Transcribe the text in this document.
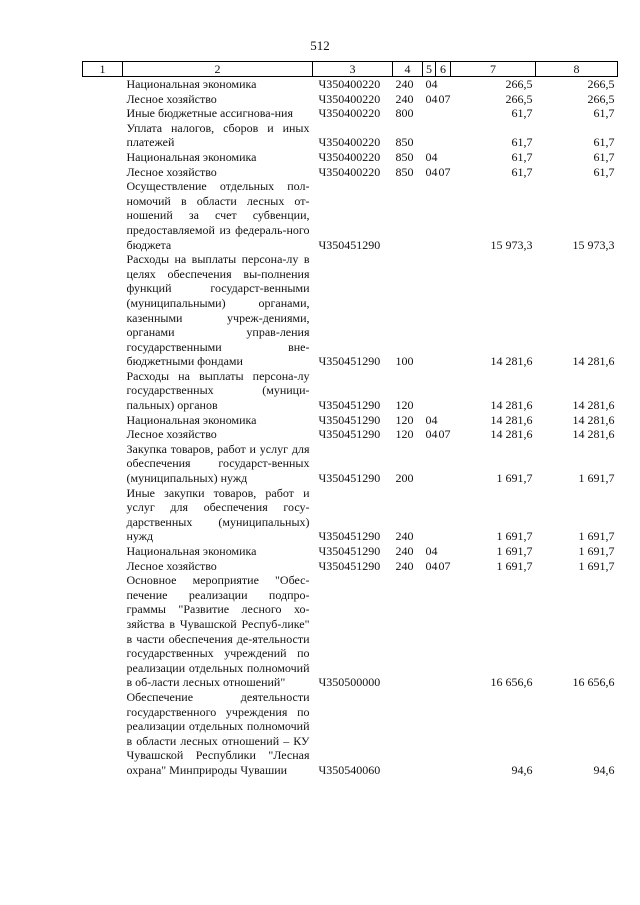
512
1	2	3	4	5	6	7	8
	Национальная экономика	Ч350400220	240	04		266,5	266,5
	Лесное хозяйство	Ч350400220	240	04	07	266,5	266,5
	Иные бюджетные ассигнова-ния	Ч350400220	800			61,7	61,7
	Уплата налогов, сборов и иных платежей	Ч350400220	850			61,7	61,7
	Национальная экономика	Ч350400220	850	04		61,7	61,7
	Лесное хозяйство	Ч350400220	850	04	07	61,7	61,7
	Осуществление отдельных пол-номочий в области лесных от-ношений за счет субвенции, предоставляемой из федераль-ного бюджета	Ч350451290				15 973,3	15 973,3
	Расходы на выплаты персона-лу в целях обеспечения вы-полнения функций государст-венными (муниципальными) органами, казенными учреж-дениями, органами управ-ления государственными вне-бюджетными фондами	Ч350451290	100			14 281,6	14 281,6
	Расходы на выплаты персона-лу государственных (муници-пальных) органов	Ч350451290	120			14 281,6	14 281,6
	Национальная экономика	Ч350451290	120	04		14 281,6	14 281,6
	Лесное хозяйство	Ч350451290	120	04	07	14 281,6	14 281,6
	Закупка товаров, работ и услуг для обеспечения государст-венных (муниципальных) нужд	Ч350451290	200			1 691,7	1 691,7
	Иные закупки товаров, работ и услуг для обеспечения госу-дарственных (муниципальных) нужд	Ч350451290	240			1 691,7	1 691,7
	Национальная экономика	Ч350451290	240	04		1 691,7	1 691,7
	Лесное хозяйство	Ч350451290	240	04	07	1 691,7	1 691,7
	Основное мероприятие "Обес-печение реализации подпро-граммы "Развитие лесного хо-зяйства в Чувашской Респуб-лике" в части обеспечения де-ятельности государственных учреждений по реализации отдельных полномочий в об-ласти лесных отношений"	Ч350500000				16 656,6	16 656,6
	Обеспечение деятельности государственного учреждения по реализации отдельных полномочий в области лесных отношений – КУ Чувашской Республики "Лесная охрана" Минприроды Чувашии	Ч350540060				94,6	94,6
